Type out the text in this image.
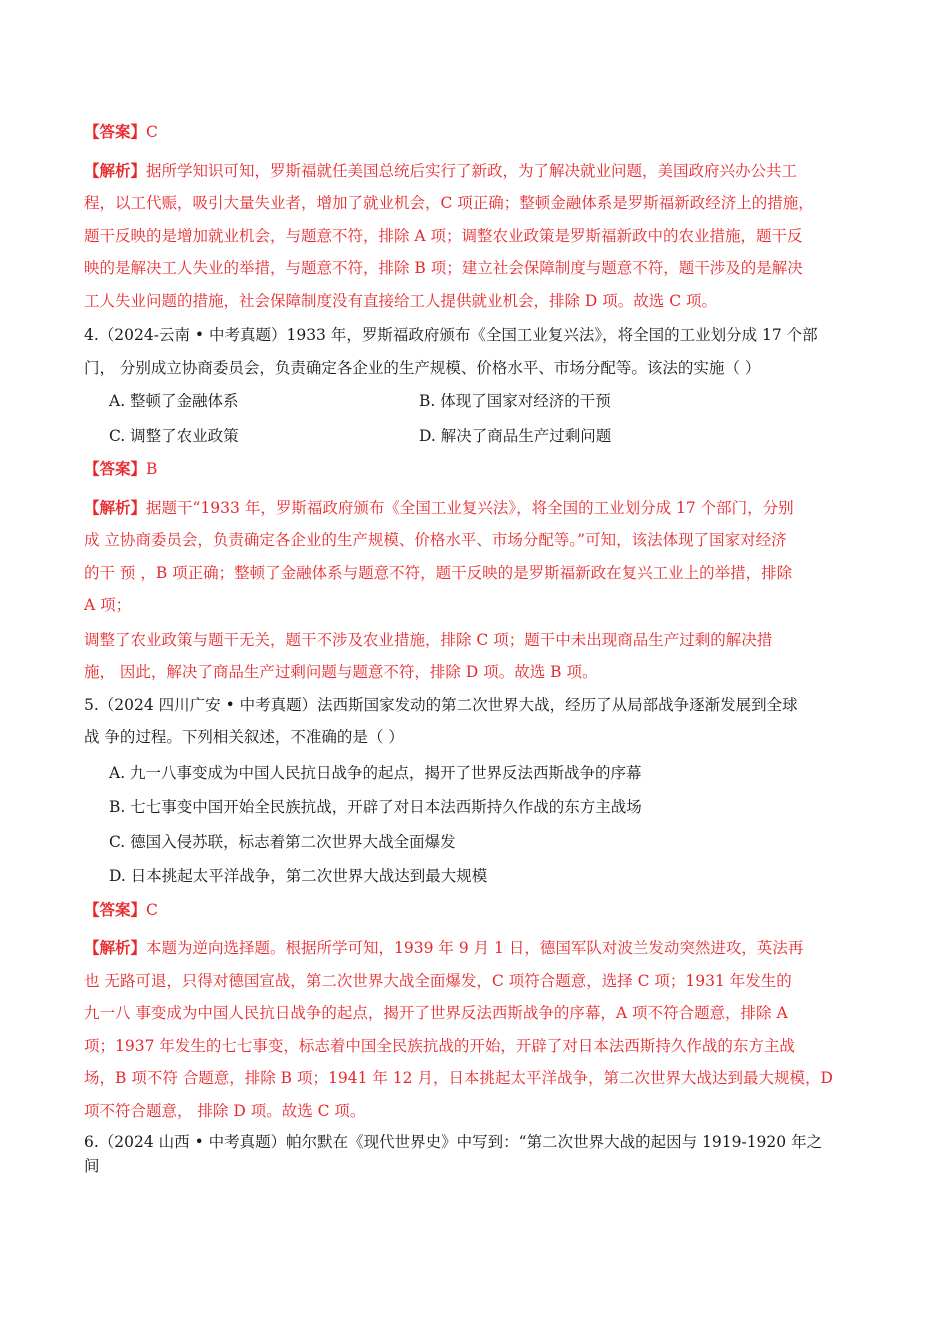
【答案】C
【解析】据所学知识可知，罗斯福就任美国总统后实行了新政，为了解决就业问题，美国政府兴办公共工
程，以工代赈，吸引大量失业者，增加了就业机会，C 项正确；整顿金融体系是罗斯福新政经济上的措施，
题干反映的是增加就业机会，与题意不符，排除 A 项；调整农业政策是罗斯福新政中的农业措施，题干反
映的是解决工人失业的举措，与题意不符，排除 B 项；建立社会保障制度与题意不符，题干涉及的是解决
工人失业问题的措施，社会保障制度没有直接给工人提供就业机会，排除 D 项。故选 C 项。
4.（2024-云南 • 中考真题）1933 年，罗斯福政府颁布《全国工业复兴法》，将全国的工业划分成 17 个部
门， 分别成立协商委员会，负责确定各企业的生产规模、价格水平、市场分配等。该法的实施（ ）
A. 整顿了金融体系	B. 体现了国家对经济的干预
C. 调整了农业政策	D. 解决了商品生产过剩问题
【答案】B
【解析】据题干“1933 年，罗斯福政府颁布《全国工业复兴法》，将全国的工业划分成 17 个部门，分别
成 立协商委员会，负责确定各企业的生产规模、价格水平、市场分配等。”可知，该法体现了国家对经济
的干 预 ，B 项正确；整顿了金融体系与题意不符，题干反映的是罗斯福新政在复兴工业上的举措，排除
A 项；
调整了农业政策与题干无关，题干不涉及农业措施，排除 C 项；题干中未出现商品生产过剩的解决措
施， 因此，解决了商品生产过剩问题与题意不符，排除 D 项。故选 B 项。
5.（2024 四川广安 • 中考真题）法西斯国家发动的第二次世界大战，经历了从局部战争逐渐发展到全球
战 争的过程。下列相关叙述，不准确的是（ ）
A. 九一八事变成为中国人民抗日战争的起点，揭开了世界反法西斯战争的序幕
B. 七七事变中国开始全民族抗战，开辟了对日本法西斯持久作战的东方主战场
C. 德国入侵苏联，标志着第二次世界大战全面爆发
D. 日本挑起太平洋战争，第二次世界大战达到最大规模
【答案】C
【解析】本题为逆向选择题。根据所学可知，1939 年 9 月 1 日，德国军队对波兰发动突然进攻，英法再
也 无路可退，只得对德国宣战，第二次世界大战全面爆发，C 项符合题意，选择 C 项；1931 年发生的
九一八 事变成为中国人民抗日战争的起点，揭开了世界反法西斯战争的序幕，A 项不符合题意，排除 A
项；1937 年发生的七七事变，标志着中国全民族抗战的开始，开辟了对日本法西斯持久作战的东方主战
场，B 项不符 合题意，排除 B 项；1941 年 12 月，日本挑起太平洋战争，第二次世界大战达到最大规模，D
项不符合题意， 排除 D 项。故选 C 项。
6.（2024 山西 • 中考真题）帕尔默在《现代世界史》中写到：“第二次世界大战的起因与 1919-1920 年之
间
